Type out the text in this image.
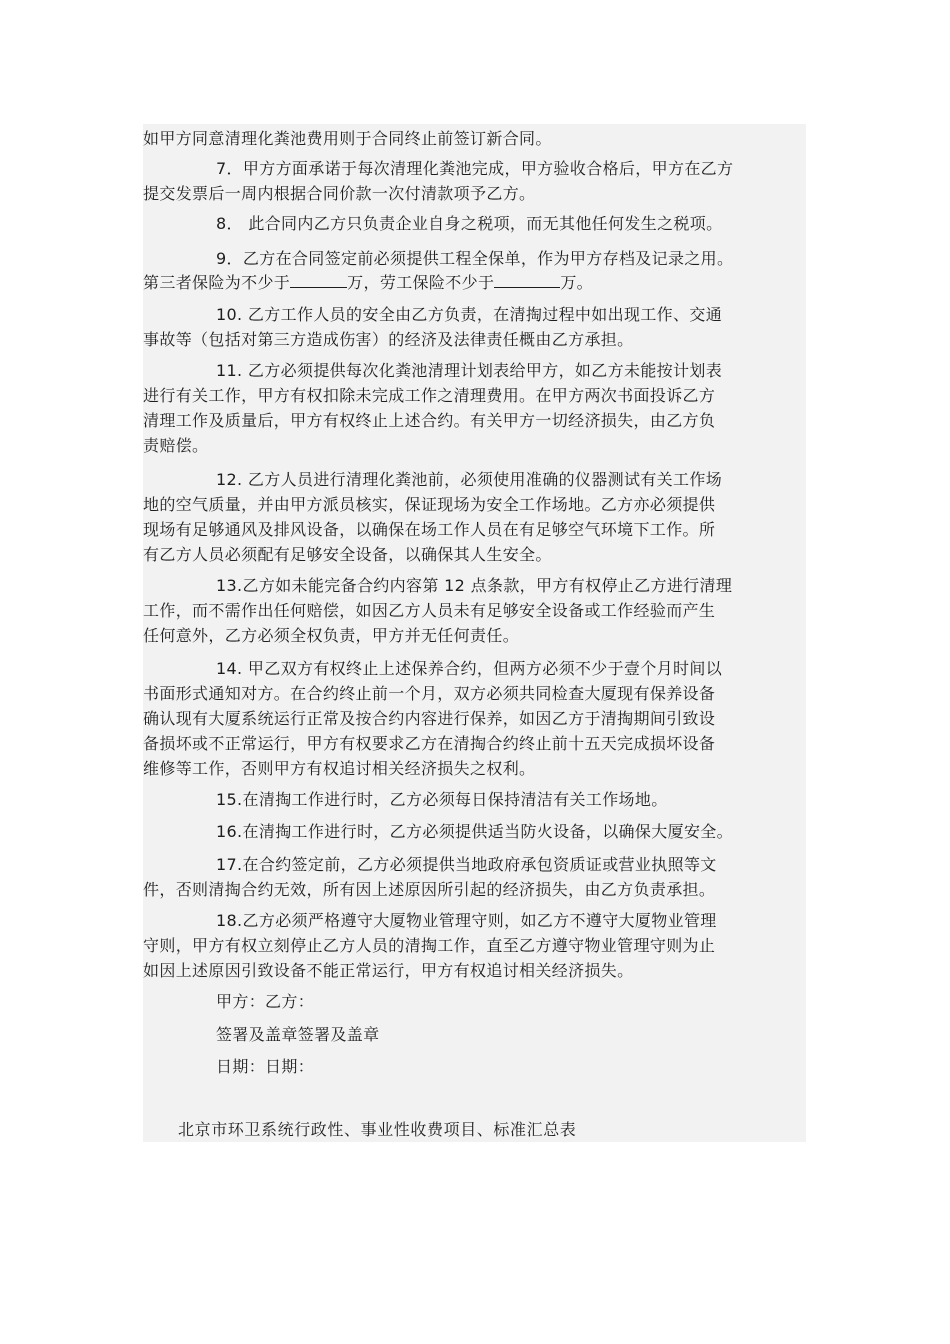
如甲方同意清理化粪池费用则于合同终止前签订新合同。
7．甲方方面承诺于每次清理化粪池完成，甲方验收合格后，甲方在乙方
提交发票后一周内根据合同价款一次付清款项予乙方。
8． 此合同内乙方只负责企业自身之税项，而无其他任何发生之税项。
9．乙方在合同签定前必须提供工程全保单，作为甲方存档及记录之用。
第三者保险为不少于	万，劳工保险不少于	万。
10. 乙方工作人员的安全由乙方负责，在清掏过程中如出现工作、交通
事故等（包括对第三方造成伤害）的经济及法律责任概由乙方承担。
11. 乙方必须提供每次化粪池清理计划表给甲方，如乙方未能按计划表
进行有关工作，甲方有权扣除未完成工作之清理费用。在甲方两次书面投诉乙方
清理工作及质量后，甲方有权终止上述合约。有关甲方一切经济损失，由乙方负
责赔偿。
12. 乙方人员进行清理化粪池前，必须使用准确的仪器测试有关工作场
地的空气质量，并由甲方派员核实，保证现场为安全工作场地。乙方亦必须提供
现场有足够通风及排风设备，以确保在场工作人员在有足够空气环境下工作。所
有乙方人员必须配有足够安全设备，以确保其人生安全。
13.乙方如未能完备合约内容第 12 点条款，甲方有权停止乙方进行清理
工作，而不需作出任何赔偿，如因乙方人员未有足够安全设备或工作经验而产生
任何意外，乙方必须全权负责，甲方并无任何责任。
14. 甲乙双方有权终止上述保养合约，但两方必须不少于壹个月时间以
书面形式通知对方。在合约终止前一个月，双方必须共同检查大厦现有保养设备
确认现有大厦系统运行正常及按合约内容进行保养，如因乙方于清掏期间引致设
备损坏或不正常运行，甲方有权要求乙方在清掏合约终止前十五天完成损坏设备
维修等工作，否则甲方有权追讨相关经济损失之权利。
15.在清掏工作进行时，乙方必须每日保持清洁有关工作场地。
16.在清掏工作进行时，乙方必须提供适当防火设备，以确保大厦安全。
17.在合约签定前，乙方必须提供当地政府承包资质证或营业执照等文
件，否则清掏合约无效，所有因上述原因所引起的经济损失，由乙方负责承担。
18.乙方必须严格遵守大厦物业管理守则，如乙方不遵守大厦物业管理
守则，甲方有权立刻停止乙方人员的清掏工作，直至乙方遵守物业管理守则为止
如因上述原因引致设备不能正常运行，甲方有权追讨相关经济损失。
甲方：乙方：
签署及盖章签署及盖章
日期：日期：
北京市环卫系统行政性、事业性收费项目、标准汇总表
